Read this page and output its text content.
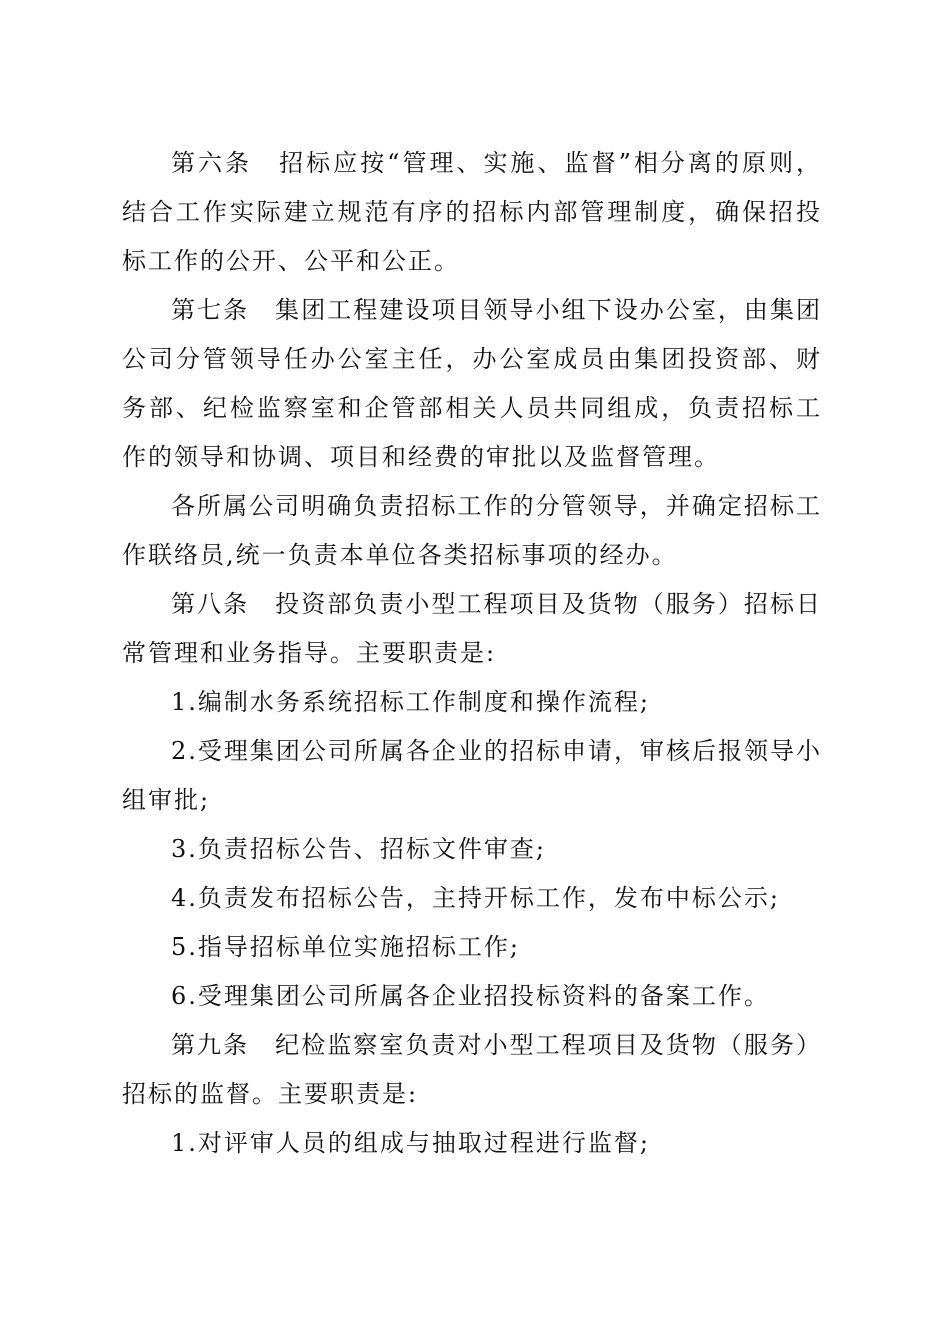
第六条　招标应按“管理、实施、监督”相分离的原则，结合工作实际建立规范有序的招标内部管理制度，确保招投标工作的公开、公平和公正。

第七条　集团工程建设项目领导小组下设办公室，由集团公司分管领导任办公室主任，办公室成员由集团投资部、财务部、纪检监察室和企管部相关人员共同组成，负责招标工作的领导和协调、项目和经费的审批以及监督管理。

各所属公司明确负责招标工作的分管领导，并确定招标工作联络员,统一负责本单位各类招标事项的经办。

第八条　投资部负责小型工程项目及货物（服务）招标日常管理和业务指导。主要职责是:

1.编制水务系统招标工作制度和操作流程;

2.受理集团公司所属各企业的招标申请，审核后报领导小组审批;

3.负责招标公告、招标文件审查;

4.负责发布招标公告，主持开标工作，发布中标公示;

5.指导招标单位实施招标工作;

6.受理集团公司所属各企业招投标资料的备案工作。

第九条　纪检监察室负责对小型工程项目及货物（服务）招标的监督。主要职责是:

1.对评审人员的组成与抽取过程进行监督;
